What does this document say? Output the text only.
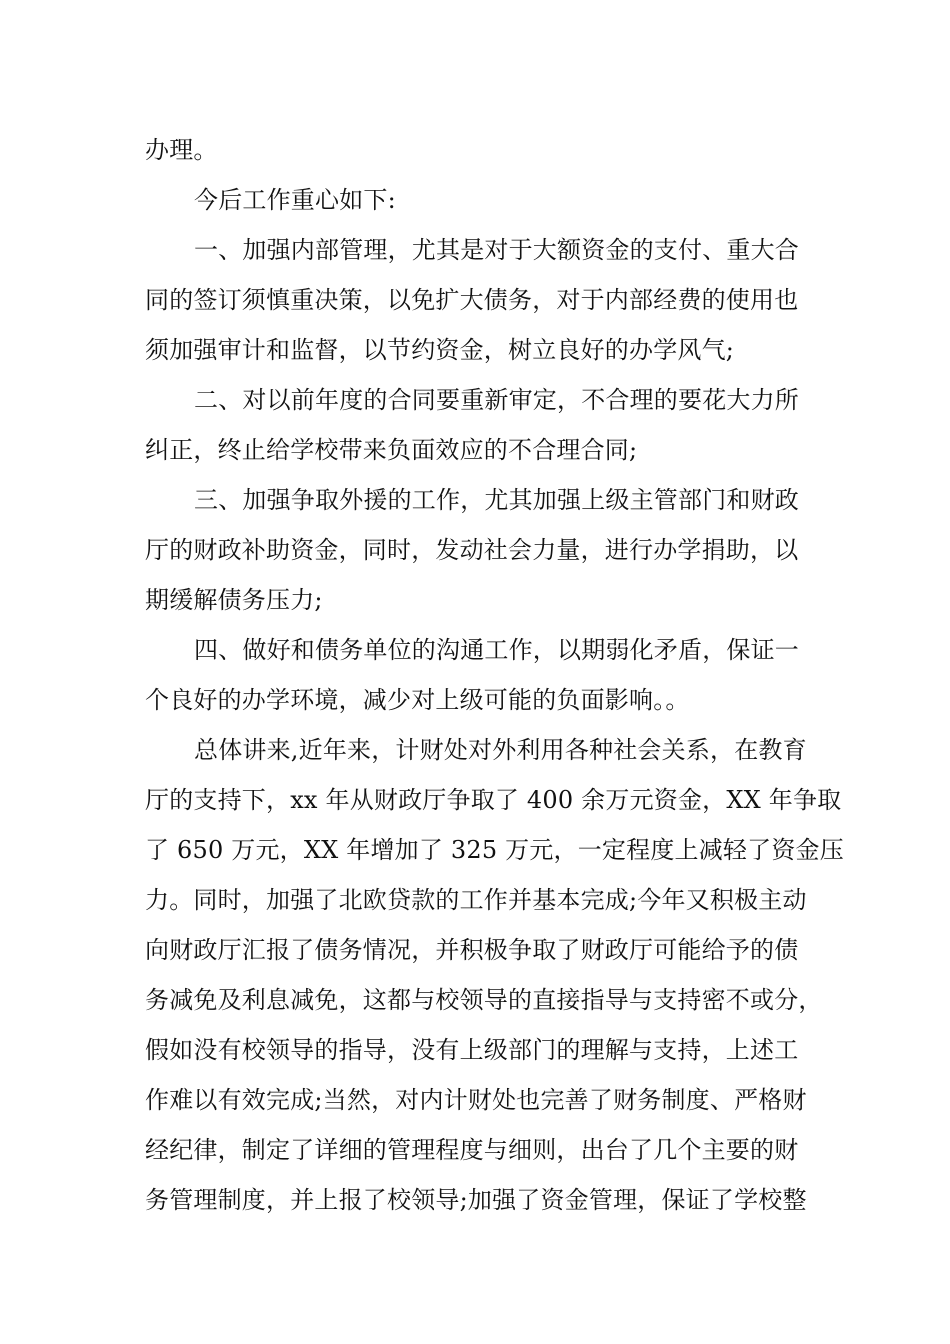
办理。
今后工作重心如下:
一、加强内部管理，尤其是对于大额资金的支付、重大合
同的签订须慎重决策，以免扩大债务，对于内部经费的使用也
须加强审计和监督，以节约资金，树立良好的办学风气;
二、对以前年度的合同要重新审定，不合理的要花大力所
纠正，终止给学校带来负面效应的不合理合同;
三、加强争取外援的工作，尤其加强上级主管部门和财政
厅的财政补助资金，同时，发动社会力量，进行办学捐助，以
期缓解债务压力;
四、做好和债务单位的沟通工作，以期弱化矛盾，保证一
个良好的办学环境，减少对上级可能的负面影响。。
总体讲来,近年来，计财处对外利用各种社会关系，在教育
厅的支持下，xx 年从财政厅争取了 400 余万元资金，XX 年争取
了 650 万元，XX 年增加了 325 万元，一定程度上减轻了资金压
力。同时，加强了北欧贷款的工作并基本完成;今年又积极主动
向财政厅汇报了债务情况，并积极争取了财政厅可能给予的债
务减免及利息减免，这都与校领导的直接指导与支持密不或分，
假如没有校领导的指导，没有上级部门的理解与支持，上述工
作难以有效完成;当然，对内计财处也完善了财务制度、严格财
经纪律，制定了详细的管理程度与细则，出台了几个主要的财
务管理制度，并上报了校领导;加强了资金管理，保证了学校整
